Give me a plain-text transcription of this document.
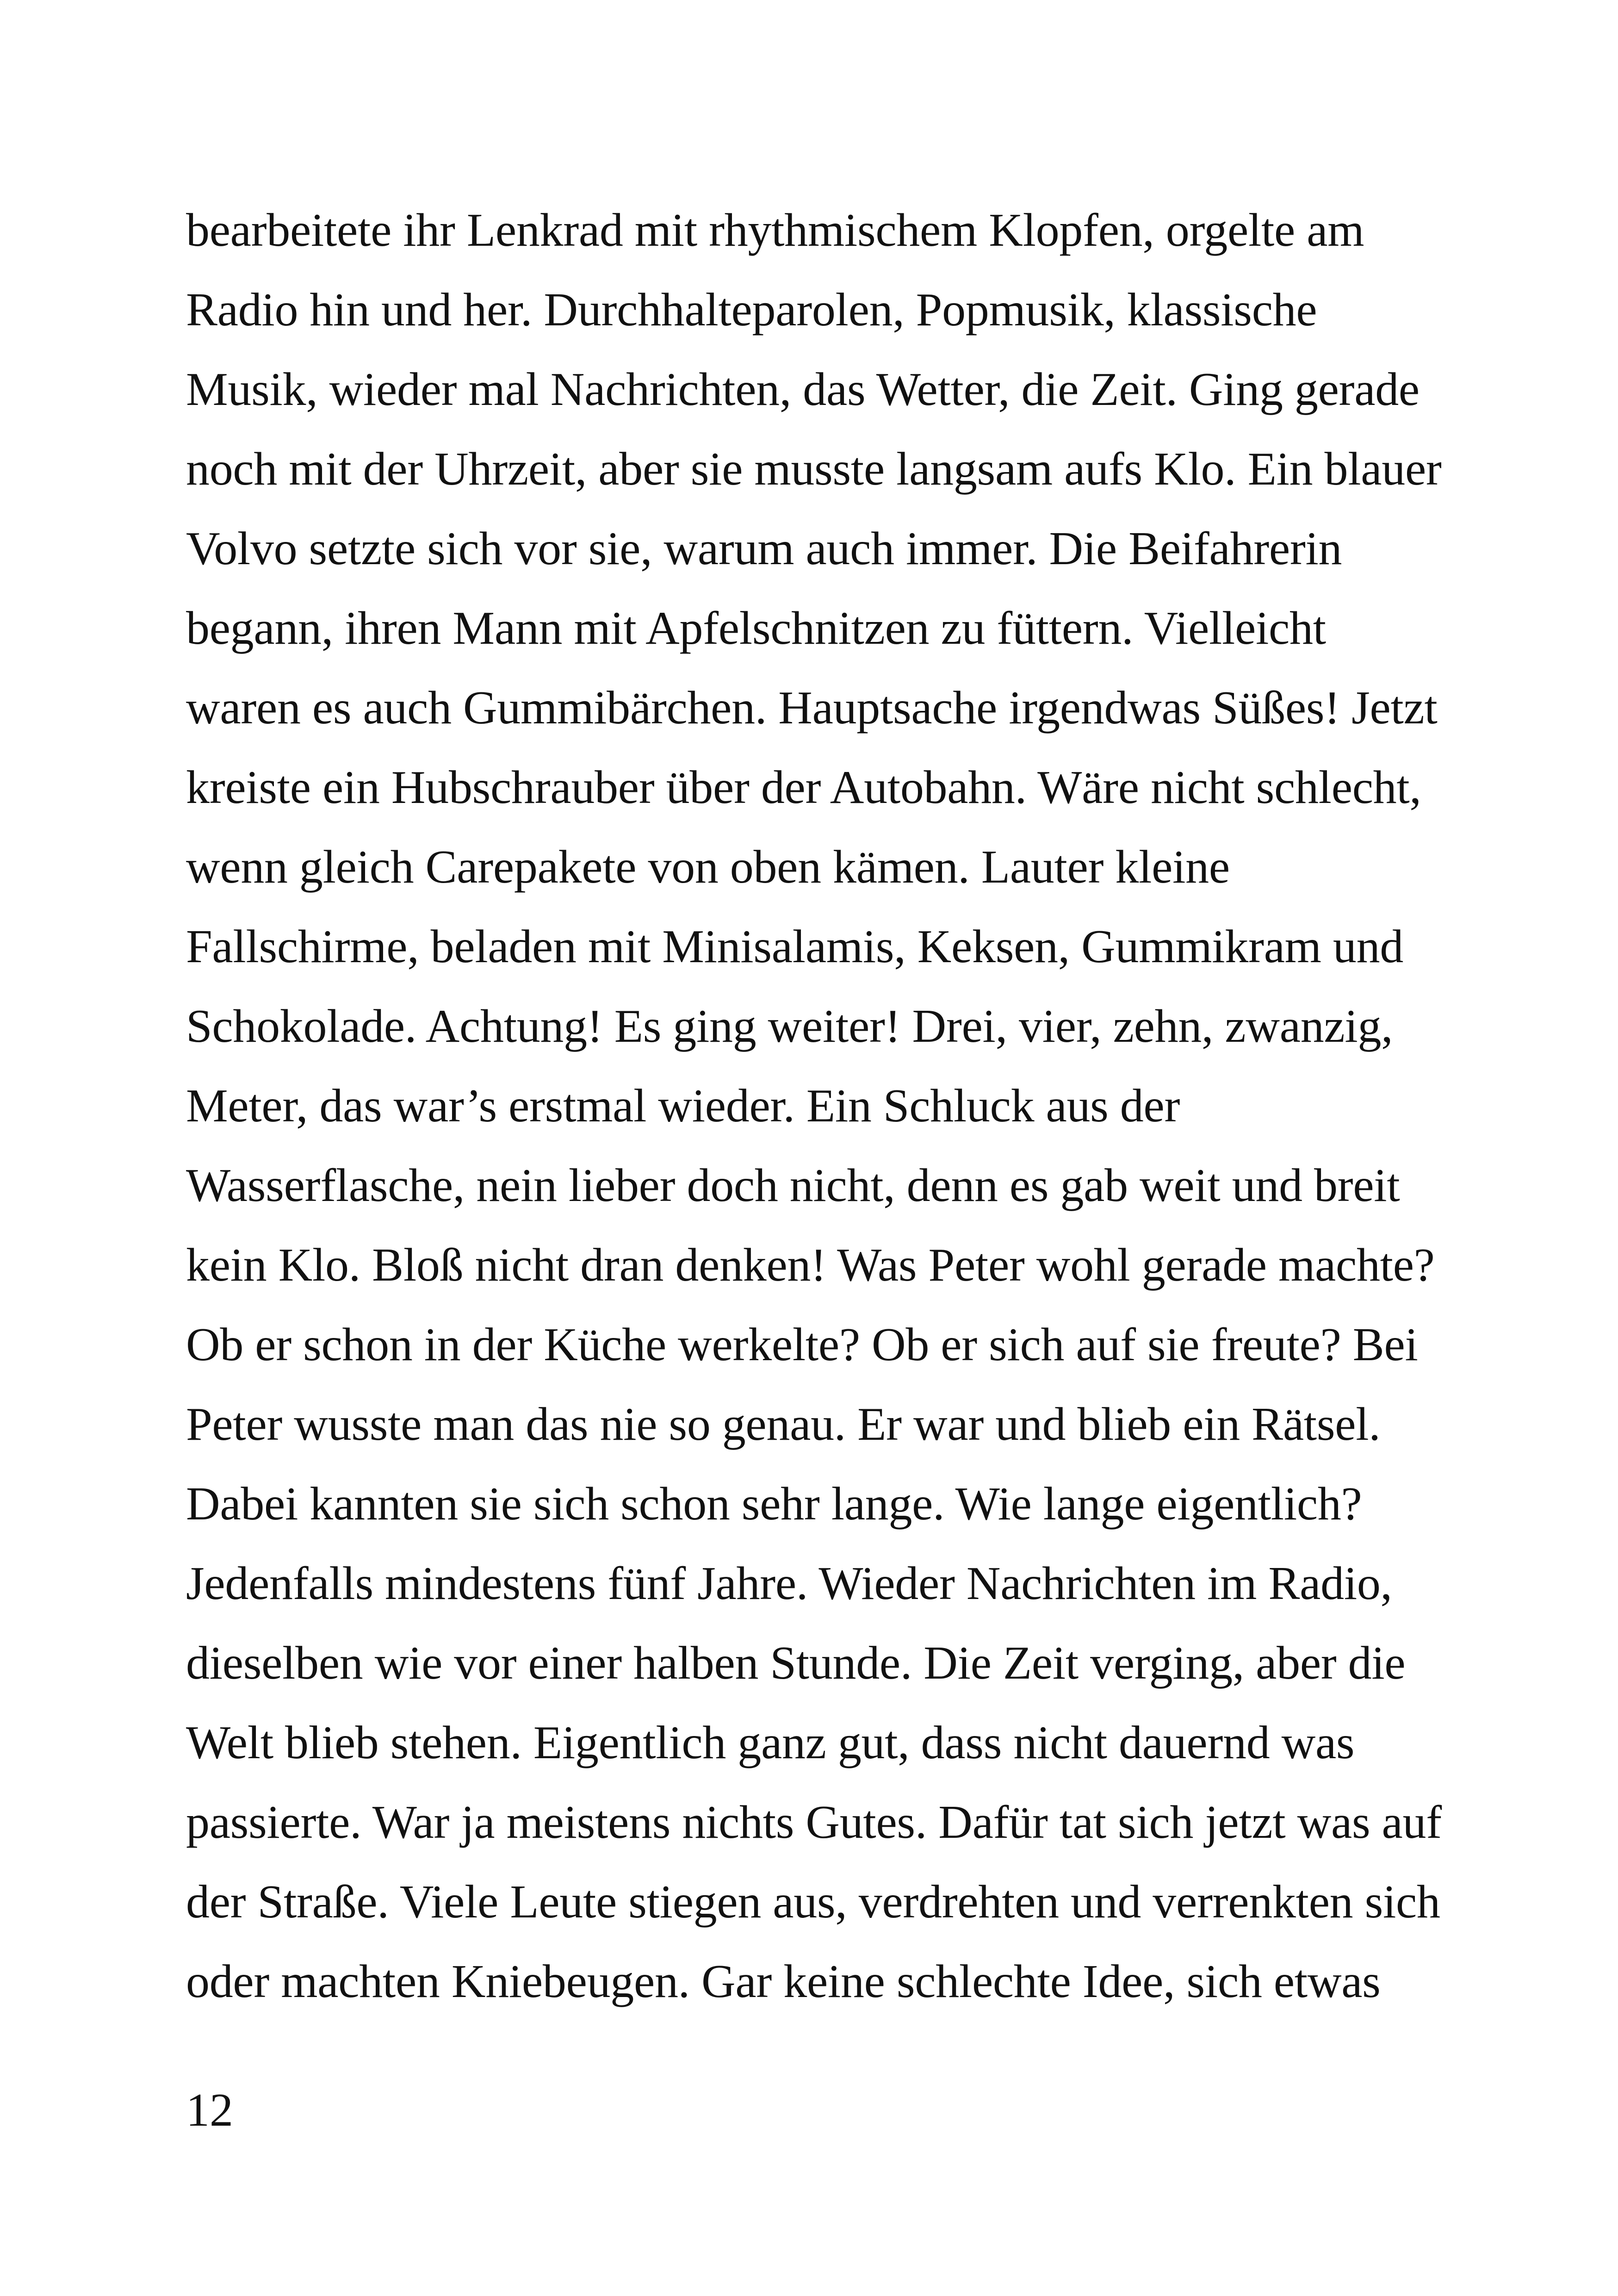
bearbeitete ihr Lenkrad mit rhythmischem Klopfen, orgelte am
Radio hin und her. Durchhalteparolen, Popmusik, klassische
Musik, wieder mal Nachrichten, das Wetter, die Zeit. Ging gerade
noch mit der Uhrzeit, aber sie musste langsam aufs Klo. Ein blauer
Volvo setzte sich vor sie, warum auch immer. Die Beifahrerin
begann, ihren Mann mit Apfelschnitzen zu füttern. Vielleicht
waren es auch Gummibärchen. Hauptsache irgendwas Süßes! Jetzt
kreiste ein Hubschrauber über der Autobahn. Wäre nicht schlecht,
wenn gleich Carepakete von oben kämen. Lauter kleine
Fallschirme, beladen mit Minisalamis, Keksen, Gummikram und
Schokolade. Achtung! Es ging weiter! Drei, vier, zehn, zwanzig,
Meter, das war’s erstmal wieder. Ein Schluck aus der
Wasserflasche, nein lieber doch nicht, denn es gab weit und breit
kein Klo. Bloß nicht dran denken! Was Peter wohl gerade machte?
Ob er schon in der Küche werkelte? Ob er sich auf sie freute? Bei
Peter wusste man das nie so genau. Er war und blieb ein Rätsel.
Dabei kannten sie sich schon sehr lange. Wie lange eigentlich?
Jedenfalls mindestens fünf Jahre. Wieder Nachrichten im Radio,
dieselben wie vor einer halben Stunde. Die Zeit verging, aber die
Welt blieb stehen. Eigentlich ganz gut, dass nicht dauernd was
passierte. War ja meistens nichts Gutes. Dafür tat sich jetzt was auf
der Straße. Viele Leute stiegen aus, verdrehten und verrenkten sich
oder machten Kniebeugen. Gar keine schlechte Idee, sich etwas
12
